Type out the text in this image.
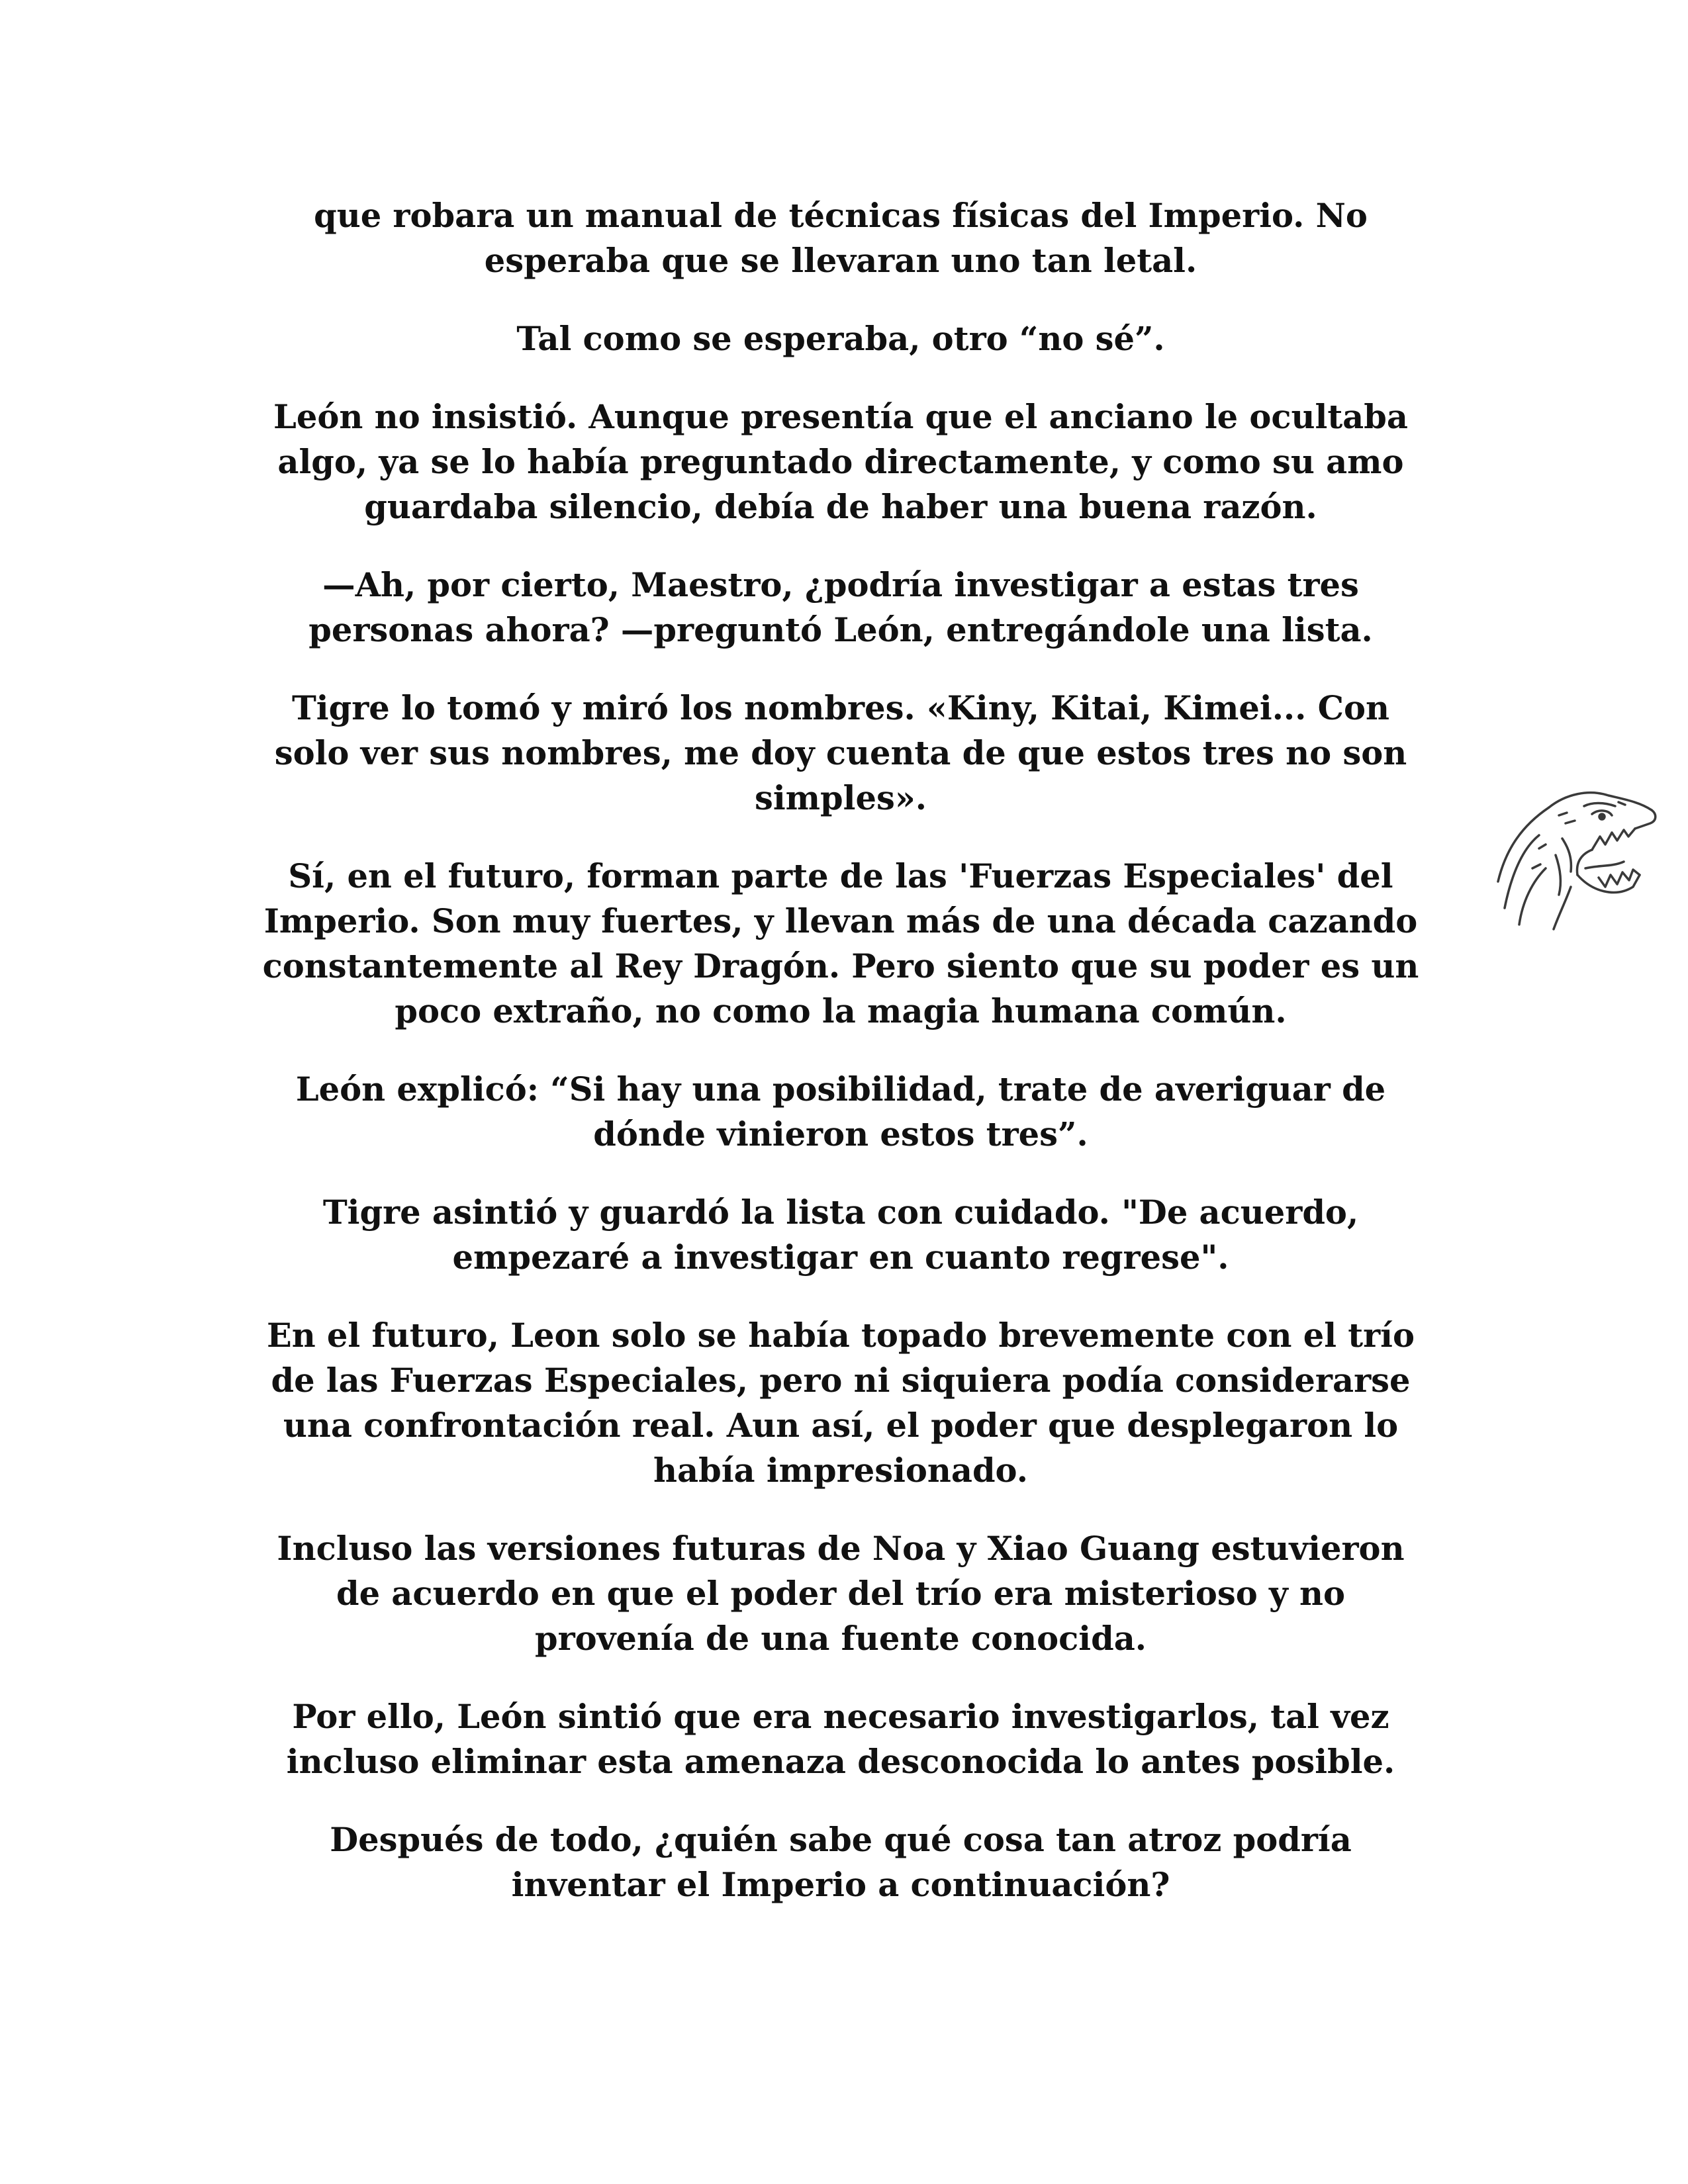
que robara un manual de técnicas físicas del Imperio. No
esperaba que se llevaran uno tan letal.

Tal como se esperaba, otro “no sé”.

León no insistió. Aunque presentía que el anciano le ocultaba
algo, ya se lo había preguntado directamente, y como su amo
guardaba silencio, debía de haber una buena razón.

—Ah, por cierto, Maestro, ¿podría investigar a estas tres
personas ahora? —preguntó León, entregándole una lista.

Tigre lo tomó y miró los nombres. «Kiny, Kitai, Kimei... Con
solo ver sus nombres, me doy cuenta de que estos tres no son
simples».

Sí, en el futuro, forman parte de las 'Fuerzas Especiales' del
Imperio. Son muy fuertes, y llevan más de una década cazando
constantemente al Rey Dragón. Pero siento que su poder es un
poco extraño, no como la magia humana común.

León explicó: “Si hay una posibilidad, trate de averiguar de
dónde vinieron estos tres”.

Tigre asintió y guardó la lista con cuidado. "De acuerdo,
empezaré a investigar en cuanto regrese".

En el futuro, Leon solo se había topado brevemente con el trío
de las Fuerzas Especiales, pero ni siquiera podía considerarse
una confrontación real. Aun así, el poder que desplegaron lo
había impresionado.

Incluso las versiones futuras de Noa y Xiao Guang estuvieron
de acuerdo en que el poder del trío era misterioso y no
provenía de una fuente conocida.

Por ello, León sintió que era necesario investigarlos, tal vez
incluso eliminar esta amenaza desconocida lo antes posible.

Después de todo, ¿quién sabe qué cosa tan atroz podría
inventar el Imperio a continuación?
